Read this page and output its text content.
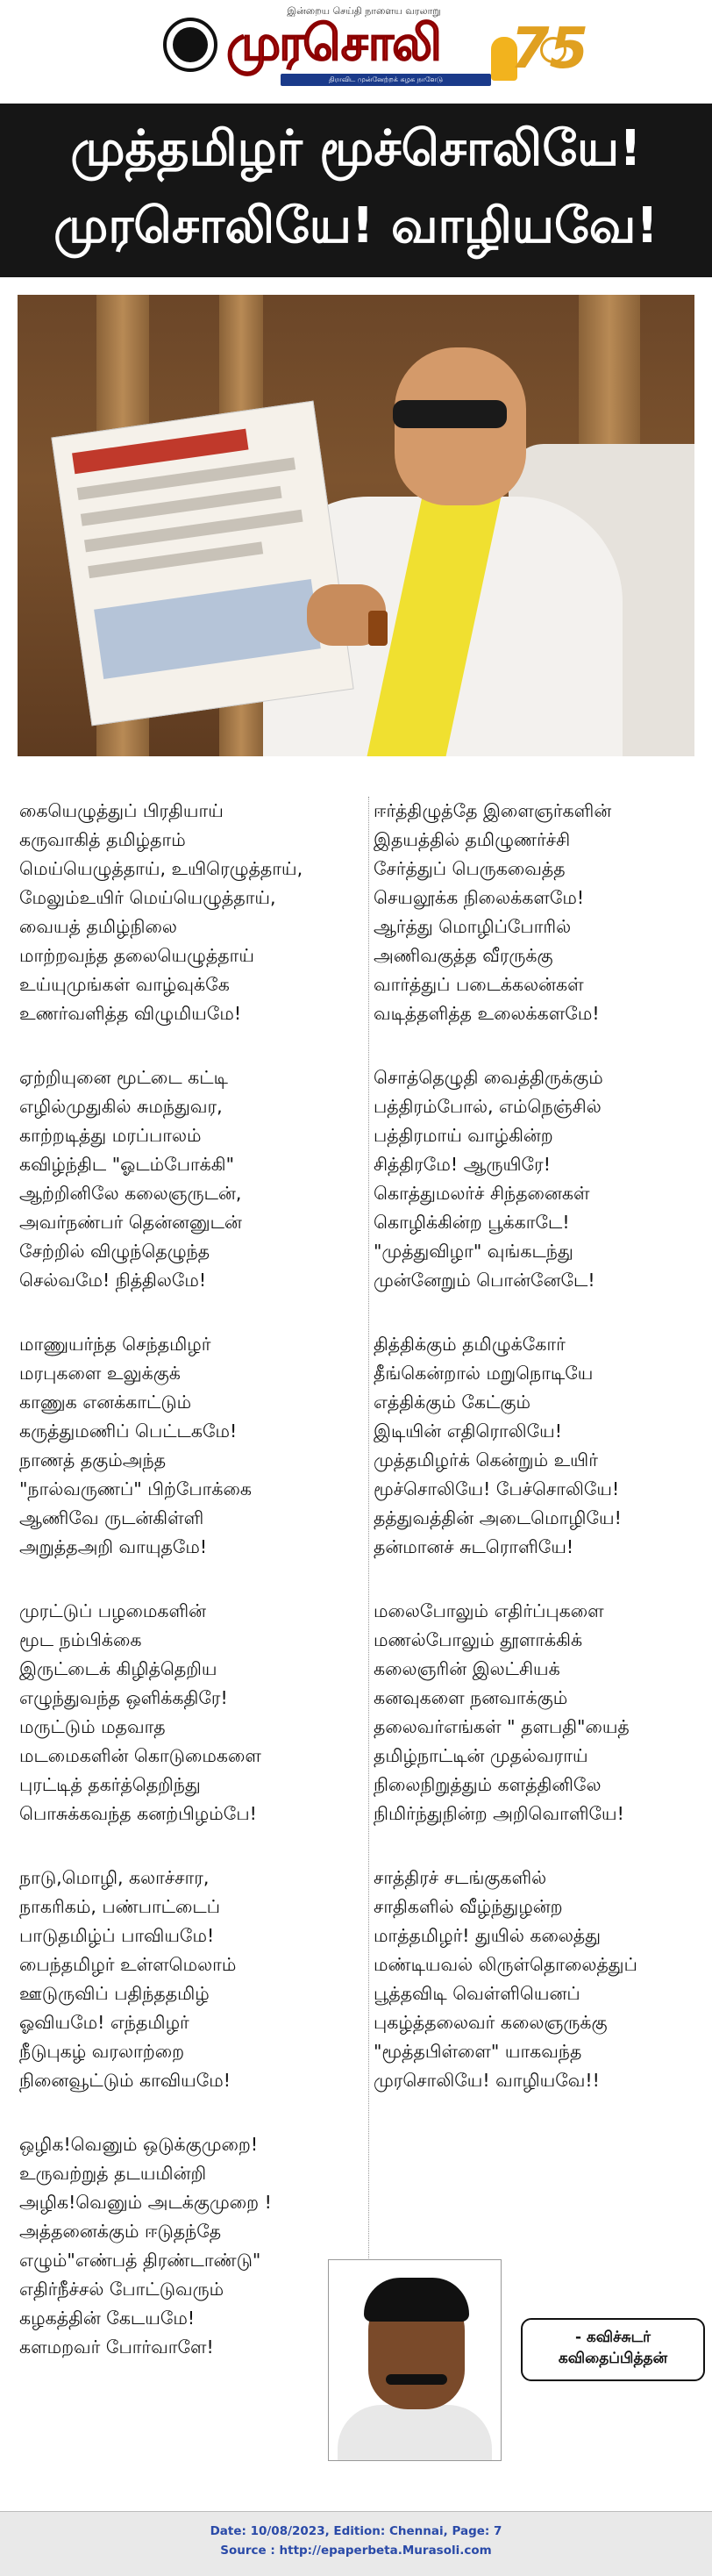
இன்றைய செய்தி நாளைய வரலாறு
முரசொலி
திராவிட முன்னேற்றக் கழக நாளேடு	75
முத்தமிழர் மூச்சொலியே!
முரசொலியே! வாழியவே!
கையெழுத்துப் பிரதியாய்
கருவாகித் தமிழ்தாம்
மெய்யெழுத்தாய், உயிரெழுத்தாய்,
மேலும்உயிர் மெய்யெழுத்தாய்,
வையத் தமிழ்நிலை
மாற்றவந்த தலையெழுத்தாய்
உய்யுமுங்கள் வாழ்வுக்கே
உணர்வளித்த விழுமியமே!
ஏற்றியுனை மூட்டை கட்டி
எழில்முதுகில் சுமந்துவர,
காற்றடித்து மரப்பாலம்
கவிழ்ந்திட "ஓடம்போக்கி"
ஆற்றினிலே கலைஞருடன்,
அவர்நண்பர் தென்னனுடன்
சேற்றில் விழுந்தெழுந்த
செல்வமே! நித்திலமே!
மாணுயர்ந்த செந்தமிழர்
மரபுகளை உலுக்குக்
காணுக எனக்காட்டும்
கருத்துமணிப் பெட்டகமே!
நாணத் தகும்அந்த
"நால்வருணப்" பிற்போக்கை
ஆணிவே ருடன்கிள்ளி
அறுத்தஅறி வாயுதமே!
முரட்டுப் பழமைகளின்
மூட நம்பிக்கை
இருட்டைக் கிழித்தெறிய
எழுந்துவந்த ஒளிக்கதிரே!
மருட்டும் மதவாத
மடமைகளின் கொடுமைகளை
புரட்டித் தகர்த்தெறிந்து
பொசுக்கவந்த கனற்பிழம்பே!
நாடு,மொழி, கலாச்சார,
நாகரிகம், பண்பாட்டைப்
பாடுதமிழ்ப் பாவியமே!
பைந்தமிழர் உள்ளமெலாம்
ஊடுருவிப் பதிந்ததமிழ்
ஓவியமே! எந்தமிழர்
நீடுபுகழ் வரலாற்றை
நினைவூட்டும் காவியமே!
ஒழிக!வெனும் ஒடுக்குமுறை!
உருவற்றுத் தடயமின்றி
அழிக!வெனும் அடக்குமுறை !
அத்தனைக்கும் ஈடுதந்தே
எழும்"எண்பத் திரண்டாண்டு"
எதிர்நீச்சல் போட்டுவரும்
கழகத்தின் கேடயமே!
களமறவர் போர்வாளே!
ஈர்த்திழுத்தே இளைஞர்களின்
இதயத்தில் தமிழுணர்ச்சி
சேர்த்துப் பெருகவைத்த
செயலூக்க நிலைக்களமே!
ஆர்த்து மொழிப்போரில்
அணிவகுத்த வீரருக்கு
வார்த்துப் படைக்கலன்கள்
வடித்தளித்த உலைக்களமே!
சொத்தெழுதி வைத்திருக்கும்
பத்திரம்போல், எம்நெஞ்சில்
பத்திரமாய் வாழ்கின்ற
சித்திரமே! ஆருயிரே!
கொத்துமலர்ச் சிந்தனைகள்
கொழிக்கின்ற பூக்காடே!
"முத்துவிழா" வுங்கடந்து
முன்னேறும் பொன்னேடே!
தித்திக்கும் தமிழுக்கோர்
தீங்கென்றால் மறுநொடியே
எத்திக்கும் கேட்கும்
இடியின் எதிரொலியே!
முத்தமிழர்க் கென்றும் உயிர்
மூச்சொலியே! பேச்சொலியே!
தத்துவத்தின் அடைமொழியே!
தன்மானச் சுடரொளியே!
மலைபோலும் எதிர்ப்புகளை
மணல்போலும் தூளாக்கிக்
கலைஞரின் இலட்சியக்
கனவுகளை நனவாக்கும்
தலைவர்எங்கள் " தளபதி"யைத்
தமிழ்நாட்டின் முதல்வராய்
நிலைநிறுத்தும் களத்தினிலே
நிமிர்ந்துநின்ற அறிவொளியே!
சாத்திரச் சடங்குகளில்
சாதிகளில் வீழ்ந்துழன்ற
மாத்தமிழர்! துயில் கலைத்து
மண்டியவல் லிருள்தொலைத்துப்
பூத்தவிடி வெள்ளியெனப்
புகழ்த்தலைவர் கலைஞருக்கு
"மூத்தபிள்ளை" யாகவந்த
முரசொலியே! வாழியவே!!
- கவிச்சுடர்
கவிதைப்பித்தன்
Date: 10/08/2023, Edition: Chennai, Page: 7
Source : http://epaperbeta.Murasoli.com
